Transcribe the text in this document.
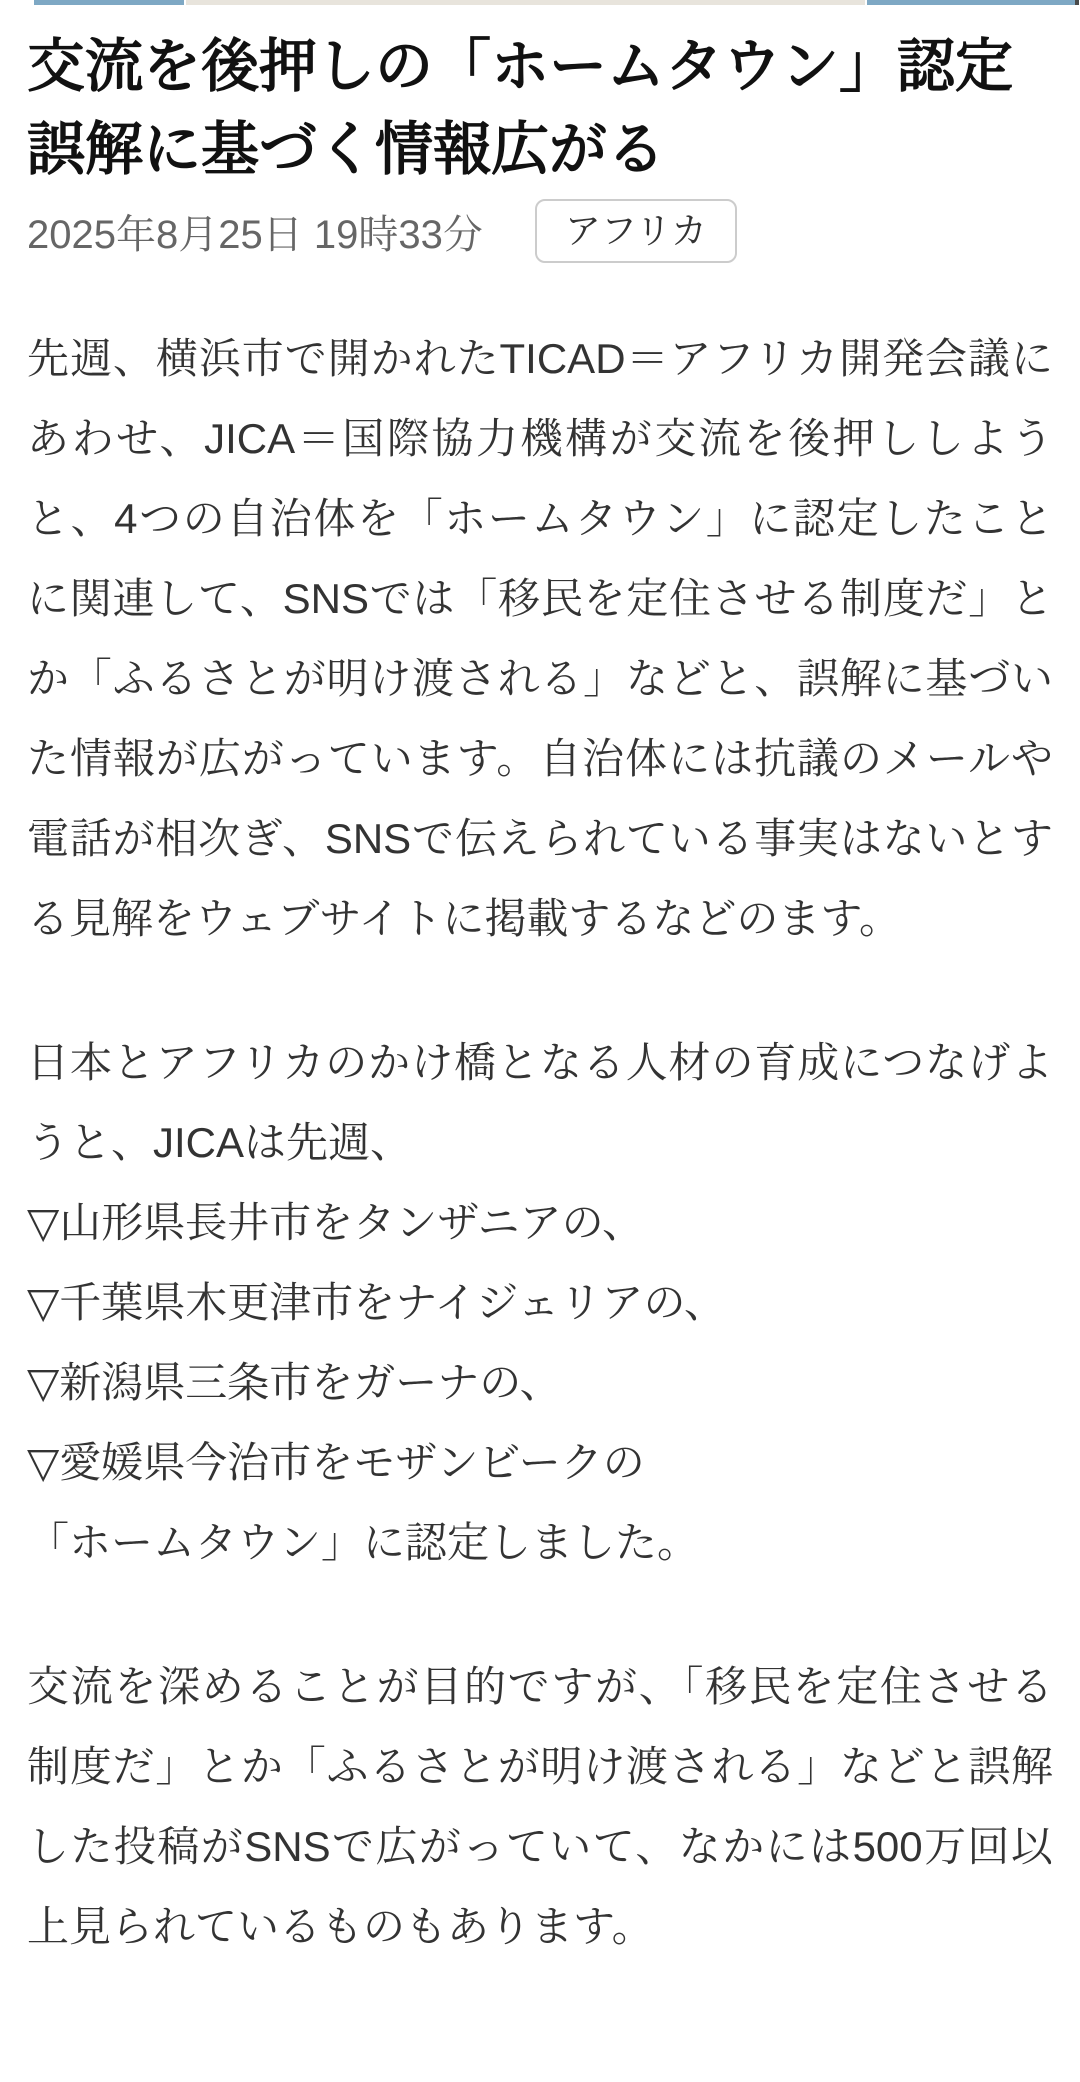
交流を後押しの「ホームタウン」認定
誤解に基づく情報広がる
2025年8月25日 19時33分	アフリカ

先週、横浜市で開かれたTICAD＝アフリカ開発会議にあわせ、JICA＝国際協力機構が交流を後押ししようと、4つの自治体を「ホームタウン」に認定したことに関連して、SNSでは「移民を定住させる制度だ」とか「ふるさとが明け渡される」などと、誤解に基づいた情報が広がっています。自治体には抗議のメールや電話が相次ぎ、SNSで伝えられている事実はないとする見解をウェブサイトに掲載するなどのます。

日本とアフリカのかけ橋となる人材の育成につなげようと、JICAは先週、
▽山形県長井市をタンザニアの、
▽千葉県木更津市をナイジェリアの、
▽新潟県三条市をガーナの、
▽愛媛県今治市をモザンビークの
「ホームタウン」に認定しました。

交流を深めることが目的ですが、「移民を定住させる制度だ」とか「ふるさとが明け渡される」などと誤解した投稿がSNSで広がっていて、なかには500万回以上見られているものもあります。
